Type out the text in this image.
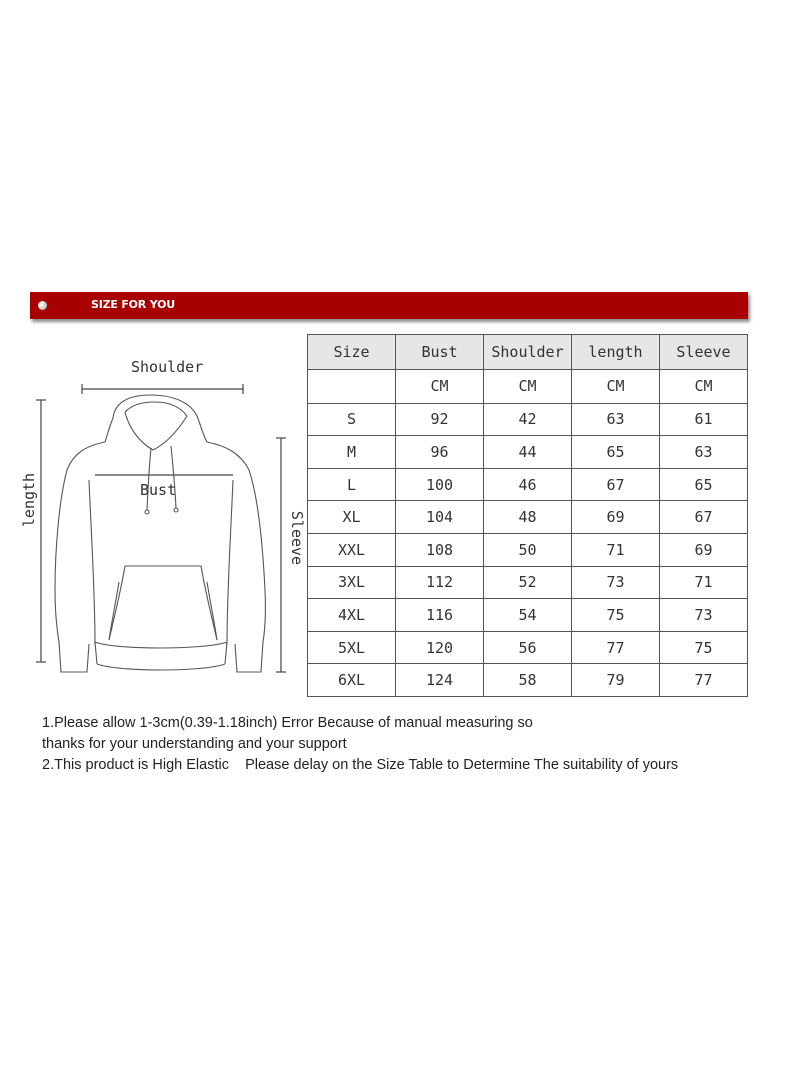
SIZE FOR YOU
Shoulder
Bust
length
Sleeve
Size	Bust	Shoulder	length	Sleeve
	CM	CM	CM	CM
S	92	42	63	61
M	96	44	65	63
L	100	46	67	65
XL	104	48	69	67
XXL	108	50	71	69
3XL	112	52	73	71
4XL	116	54	75	73
5XL	120	56	77	75
6XL	124	58	79	77
1.Please allow 1-3cm(0.39-1.18inch) Error Because of manual measuring so
thanks for your understanding and your support
2.This product is High Elastic    Please delay on the Size Table to Determine The suitability of yours
